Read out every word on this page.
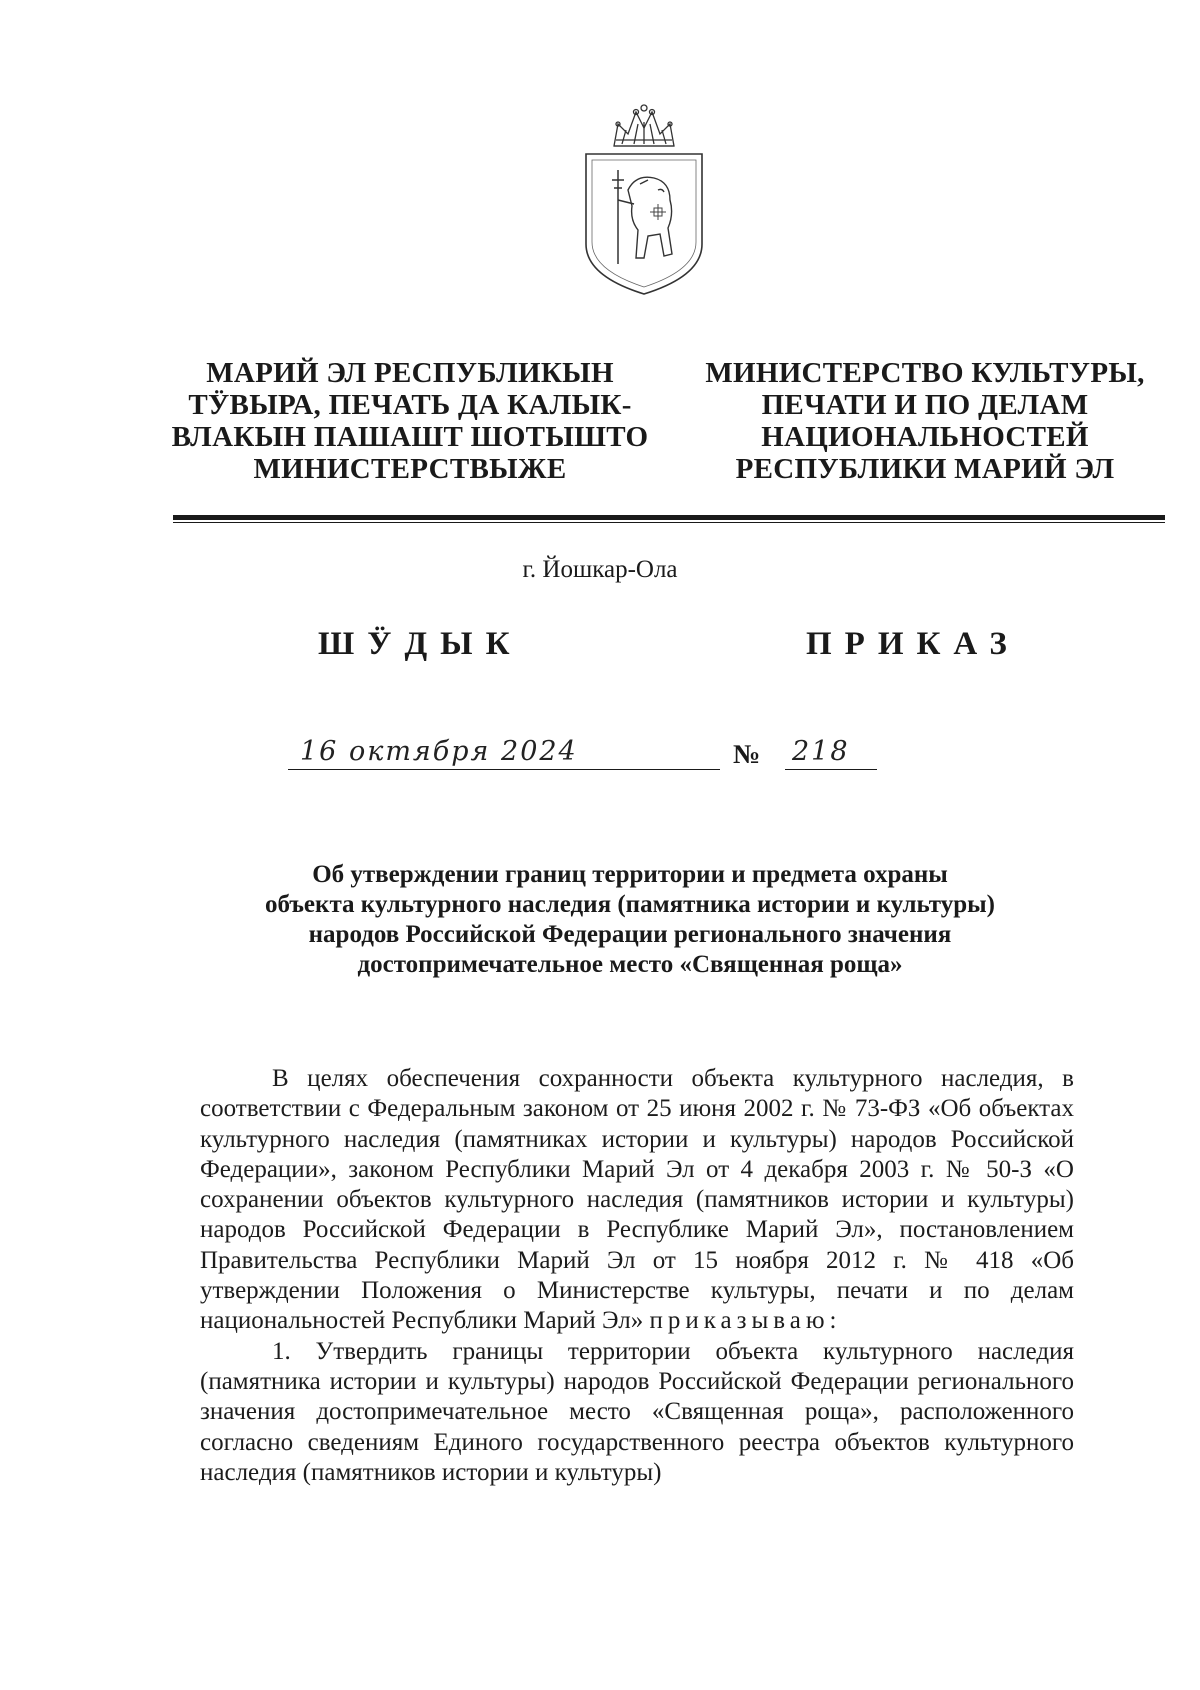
МАРИЙ ЭЛ РЕСПУБЛИКЫН
ТӰВЫРА, ПЕЧАТЬ ДА КАЛЫК-
ВЛАКЫН ПАШАШТ ШОТЫШТО
МИНИСТЕРСТВЫЖЕ
МИНИСТЕРСТВО КУЛЬТУРЫ,
ПЕЧАТИ И ПО ДЕЛАМ
НАЦИОНАЛЬНОСТЕЙ
РЕСПУБЛИКИ МАРИЙ ЭЛ
г. Йошкар-Ола
ШӰДЫК	ПРИКАЗ
16 октября 2024	№ 218
Об утверждении границ территории и предмета охраны
объекта культурного наследия (памятника истории и культуры)
народов Российской Федерации регионального значения
достопримечательное место «Священная роща»

В целях обеспечения сохранности объекта культурного наследия, в соответствии с Федеральным законом от 25 июня 2002 г. № 73-ФЗ «Об объектах культурного наследия (памятниках истории и культуры) народов Российской Федерации», законом Республики Марий Эл от 4 декабря 2003 г. № 50-З «О сохранении объектов культурного наследия (памятников истории и культуры) народов Российской Федерации в Республике Марий Эл», постановлением Правительства Республики Марий Эл от 15 ноября 2012 г. № 418 «Об утверждении Положения о Министерстве культуры, печати и по делам национальностей Республики Марий Эл» приказываю:

1. Утвердить границы территории объекта культурного наследия (памятника истории и культуры) народов Российской Федерации регионального значения достопримечательное место «Священная роща», расположенного согласно сведениям Единого государственного реестра объектов культурного наследия (памятников истории и культуры)
